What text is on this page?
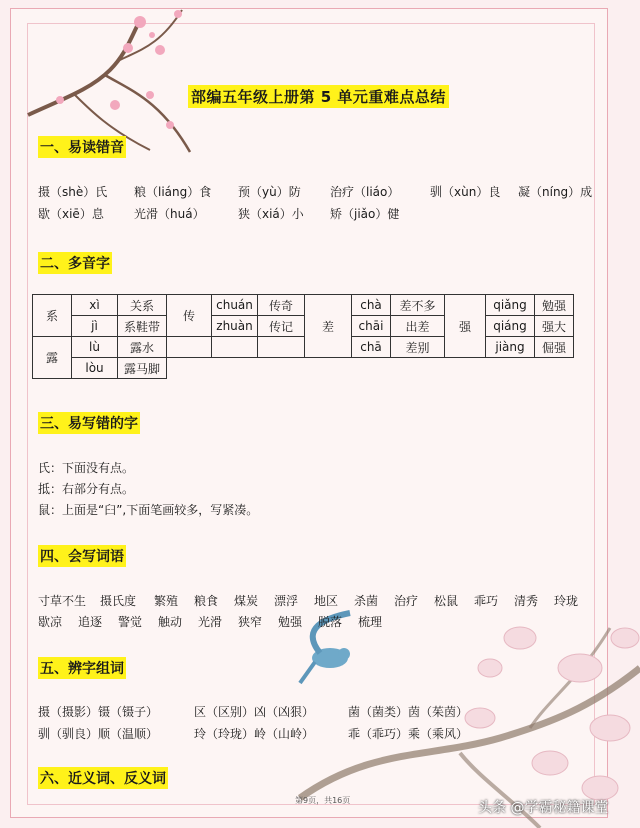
部编五年级上册第 5 单元重难点总结
一、易读错音
摄（shè）氏 粮（liáng）食 预（yù）防 治疗（liáo）	驯（xùn）良 凝（níng）成
歇（xiē）息	光滑（huá）	狭（xiá）小 矫（jiǎo）健
二、多音字
系	xì	关系	传	chuán	传奇	差	chà	差不多	强	qiǎng	勉强
	jì	系鞋带		zhuàn	传记		chāi	出差		qiáng	强大
露	lù	露水					chā	差别		jiàng	倔强
	lòu	露马脚									
三、易写错的字
氏：下面没有点。
抵：右部分有点。
鼠：上面是“臼”,下面笔画较多，写紧凑。
四、会写词语
寸草不生 摄氏度 繁殖 粮食 煤炭 漂浮 地区 杀菌 治疗 松鼠 乖巧 清秀 玲珑
歇凉 追逐 警觉 触动 光滑 狭窄 勉强 脱落 梳理
五、辨字组词
摄（摄影）镊（镊子）	区（区别）凶（凶狠）	菌（菌类）茵（茱茵）
驯（驯良）顺（温顺）	玲（玲珑）岭（山岭）	乖（乖巧）乘（乘风）
六、近义词、反义词
第9页，共16页	头条 @学霸秘籍课堂
